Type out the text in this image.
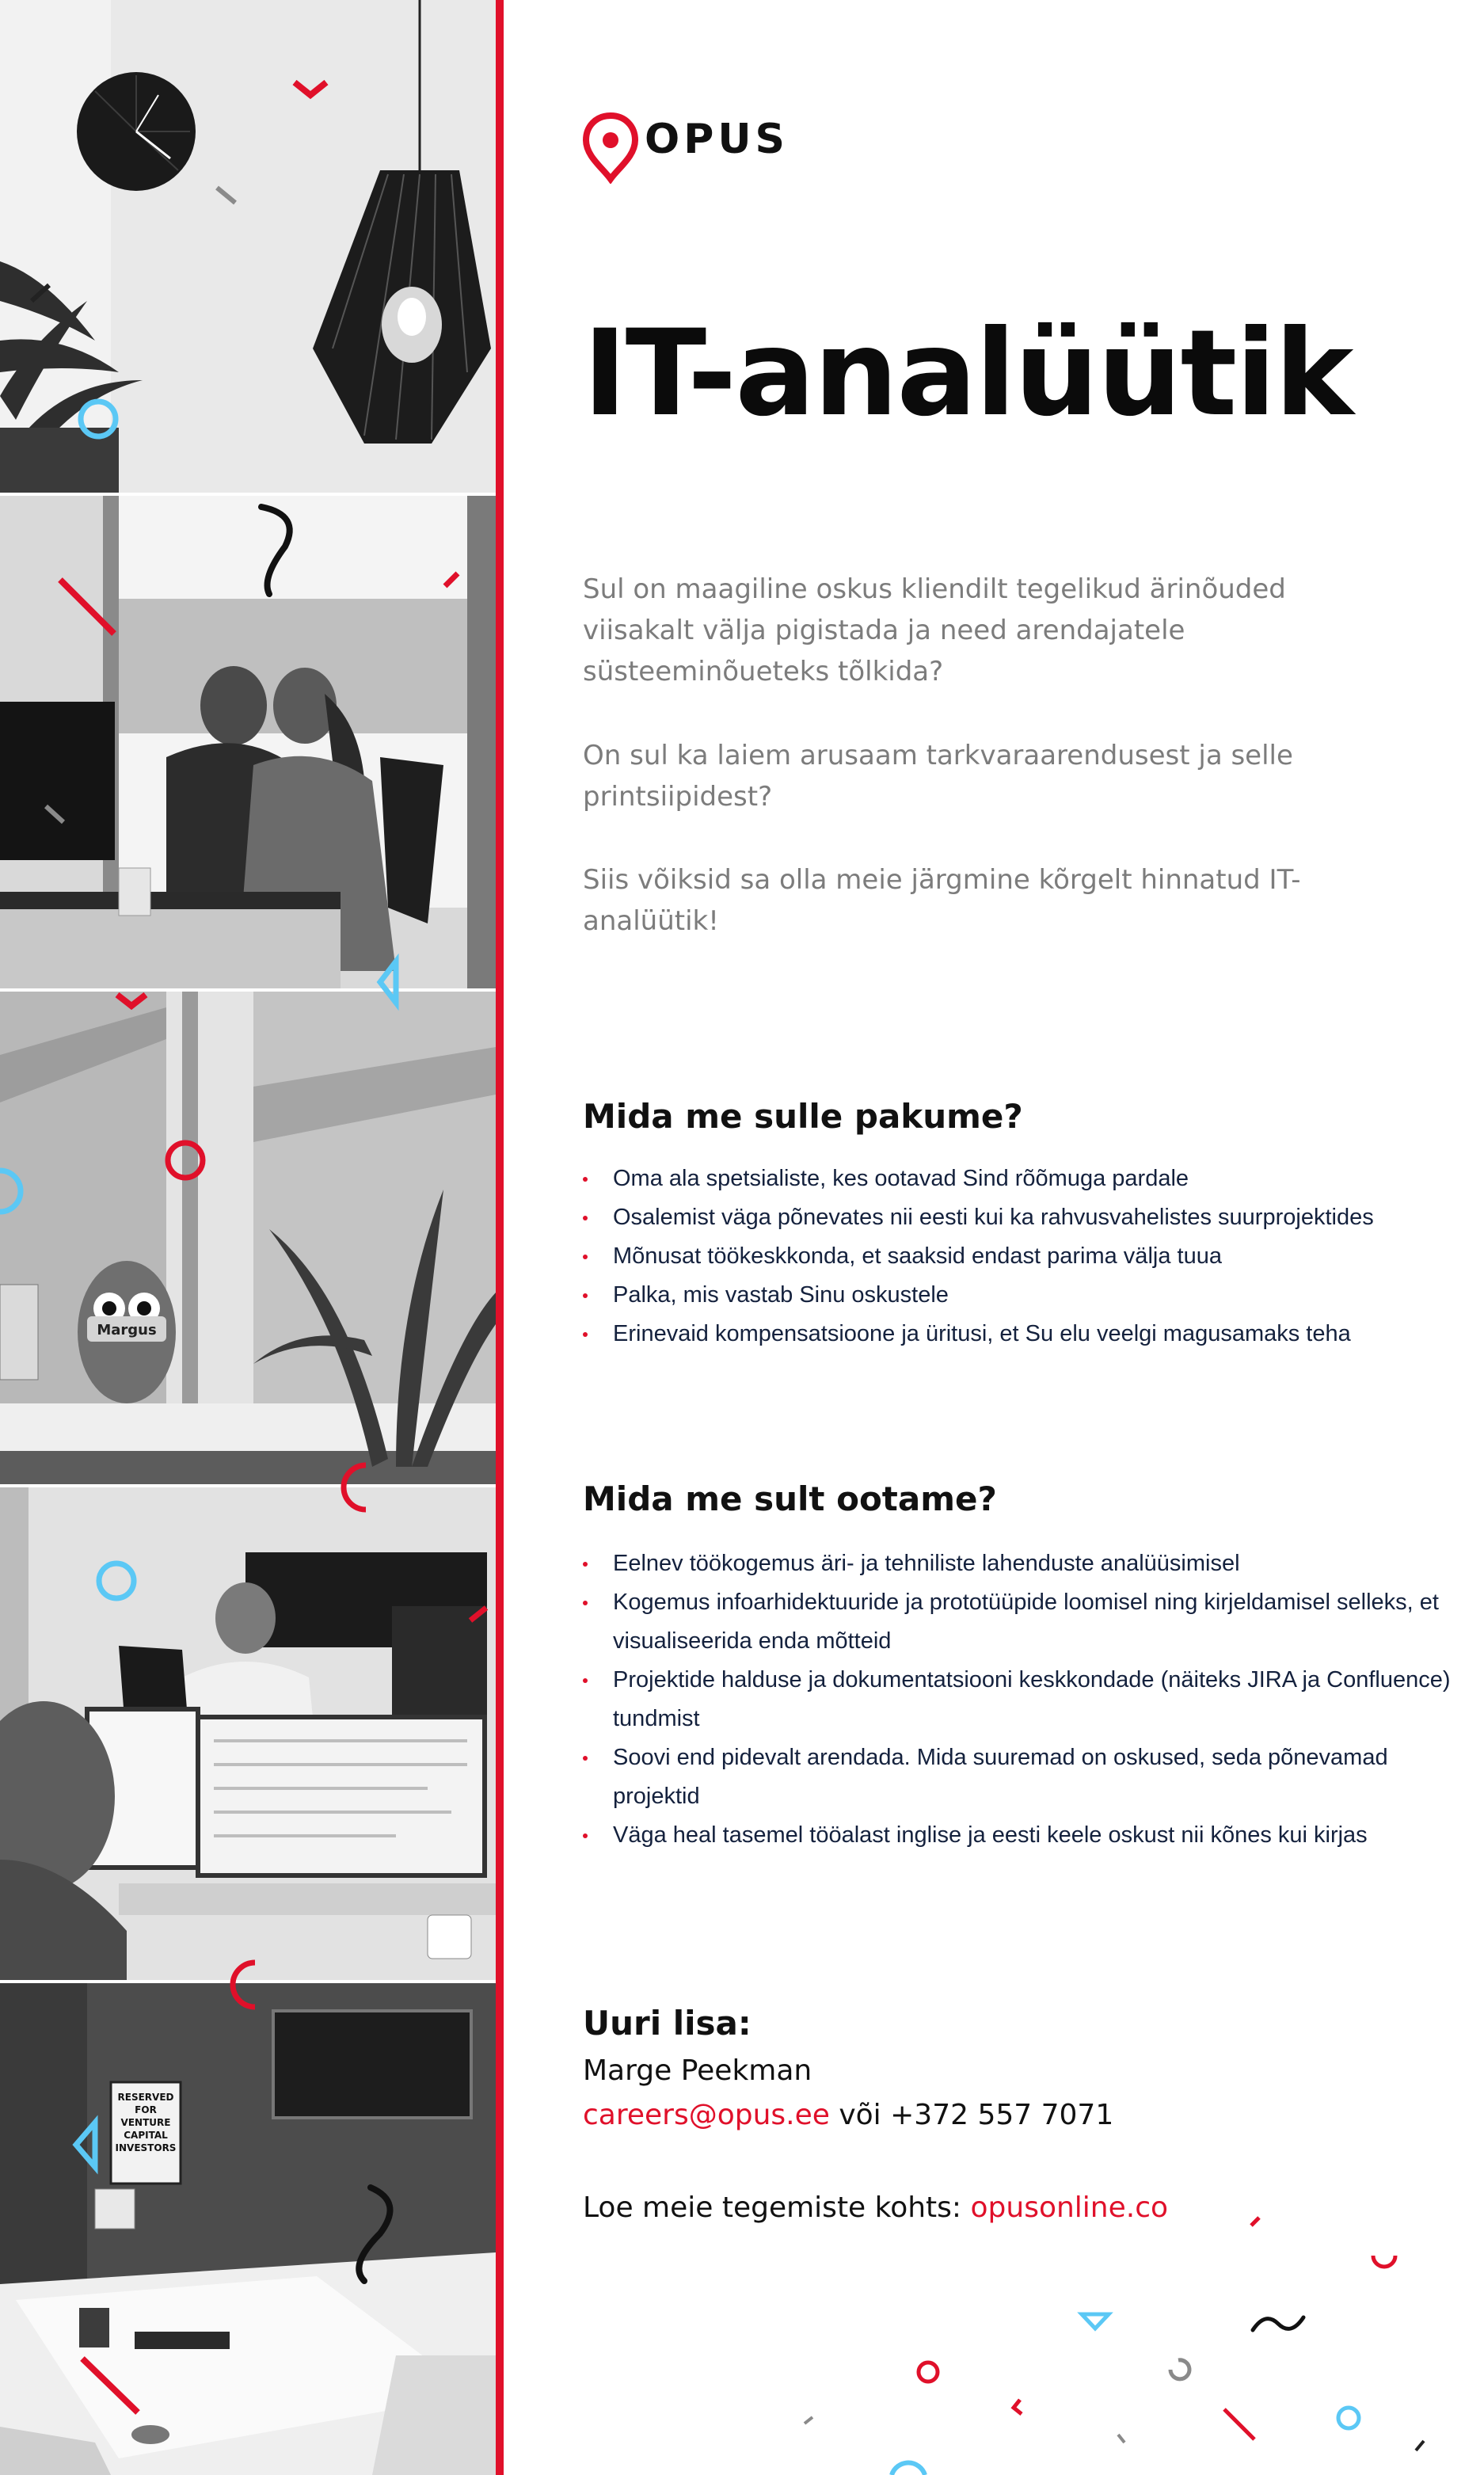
Margus
RESERVED
FOR
VENTURE
CAPITAL
INVESTORS
OPUS
IT-analüütik
Sul on maagiline oskus kliendilt tegelikud ärinõuded viisakalt välja pigistada ja need arendajatele süsteeminõueteks tõlkida?
On sul ka laiem arusaam tarkvaraarendusest ja selle printsiipidest?
Siis võiksid sa olla meie järgmine kõrgelt hinnatud IT-analüütik!
Mida me sulle pakume?
Oma ala spetsialiste, kes ootavad Sind rõõmuga pardale
Osalemist väga põnevates nii eesti kui ka rahvusvahelistes suurprojektides
Mõnusat töökeskkonda, et saaksid endast parima välja tuua
Palka, mis vastab Sinu oskustele
Erinevaid kompensatsioone ja üritusi, et Su elu veelgi magusamaks teha
Mida me sult ootame?
Eelnev töökogemus äri- ja tehniliste lahenduste analüüsimisel
Kogemus infoarhidektuuride ja prototüüpide loomisel ning kirjeldamisel selleks, et visualiseerida enda mõtteid
Projektide halduse ja dokumentatsiooni keskkondade (näiteks JIRA ja Confluence) tundmist
Soovi end pidevalt arendada. Mida suuremad on oskused, seda põnevamad projektid
Väga heal tasemel tööalast inglise ja eesti keele oskust nii kõnes kui kirjas
Uuri lisa:
Marge Peekman
careers@opus.ee või +372 557 7071
Loe meie tegemiste kohts: opusonline.co
